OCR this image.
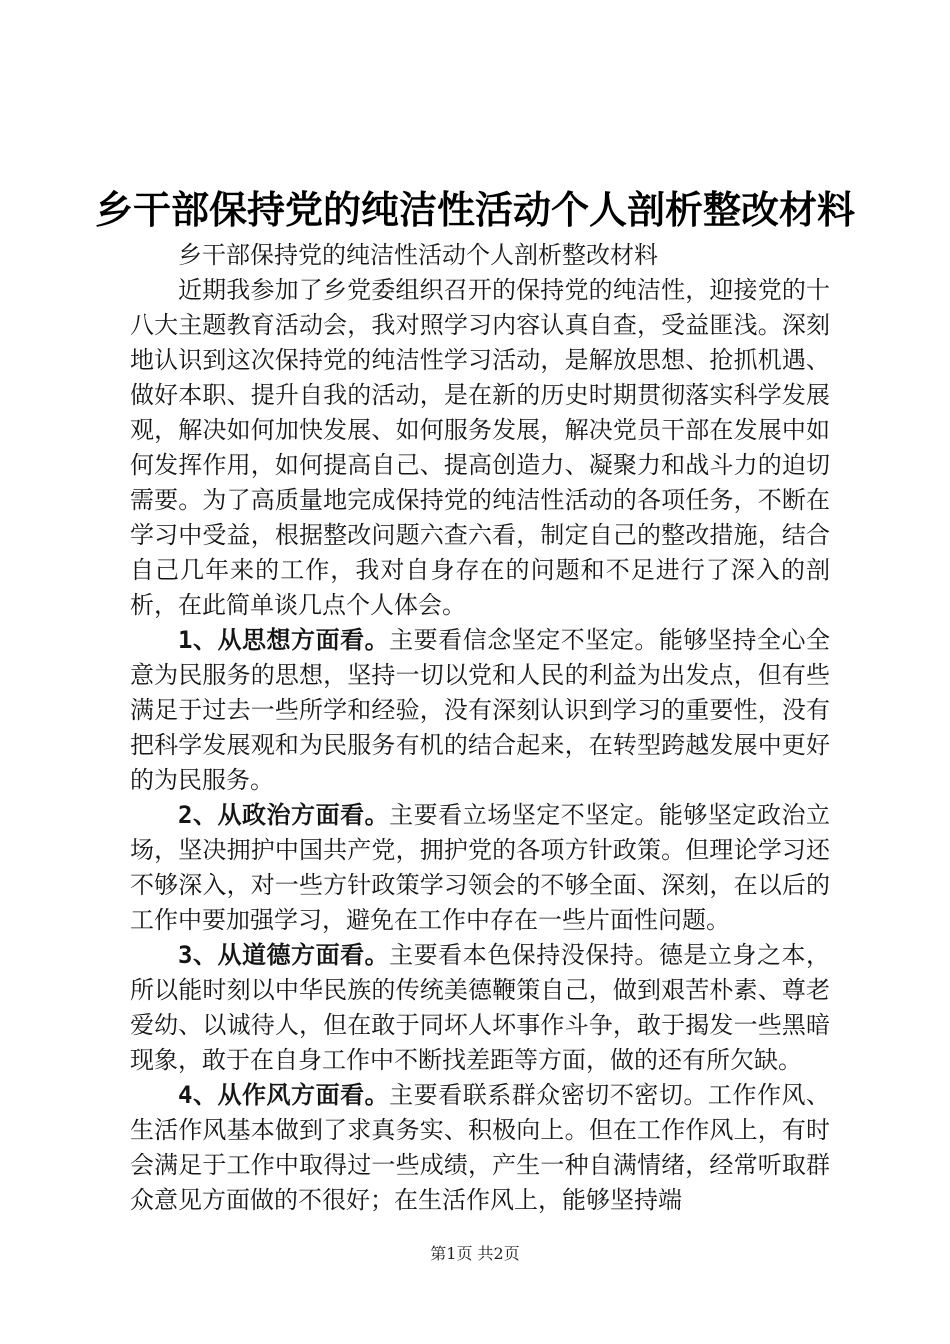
乡干部保持党的纯洁性活动个人剖析整改材料

乡干部保持党的纯洁性活动个人剖析整改材料

近期我参加了乡党委组织召开的保持党的纯洁性，迎接党的十八大主题教育活动会，我对照学习内容认真自查，受益匪浅。深刻地认识到这次保持党的纯洁性学习活动，是解放思想、抢抓机遇、做好本职、提升自我的活动，是在新的历史时期贯彻落实科学发展观，解决如何加快发展、如何服务发展，解决党员干部在发展中如何发挥作用，如何提高自己、提高创造力、凝聚力和战斗力的迫切需要。为了高质量地完成保持党的纯洁性活动的各项任务，不断在学习中受益，根据整改问题六查六看，制定自己的整改措施，结合自己几年来的工作，我对自身存在的问题和不足进行了深入的剖析，在此简单谈几点个人体会。

1、从思想方面看。主要看信念坚定不坚定。能够坚持全心全意为民服务的思想，坚持一切以党和人民的利益为出发点，但有些满足于过去一些所学和经验，没有深刻认识到学习的重要性，没有把科学发展观和为民服务有机的结合起来，在转型跨越发展中更好的为民服务。

2、从政治方面看。主要看立场坚定不坚定。能够坚定政治立场，坚决拥护中国共产党，拥护党的各项方针政策。但理论学习还不够深入，对一些方针政策学习领会的不够全面、深刻，在以后的工作中要加强学习，避免在工作中存在一些片面性问题。

3、从道德方面看。主要看本色保持没保持。德是立身之本，所以能时刻以中华民族的传统美德鞭策自己，做到艰苦朴素、尊老爱幼、以诚待人，但在敢于同坏人坏事作斗争，敢于揭发一些黑暗现象，敢于在自身工作中不断找差距等方面，做的还有所欠缺。

4、从作风方面看。主要看联系群众密切不密切。工作作风、生活作风基本做到了求真务实、积极向上。但在工作作风上，有时会满足于工作中取得过一些成绩，产生一种自满情绪，经常听取群众意见方面做的不很好；在生活作风上，能够坚持端

第1页 共2页
